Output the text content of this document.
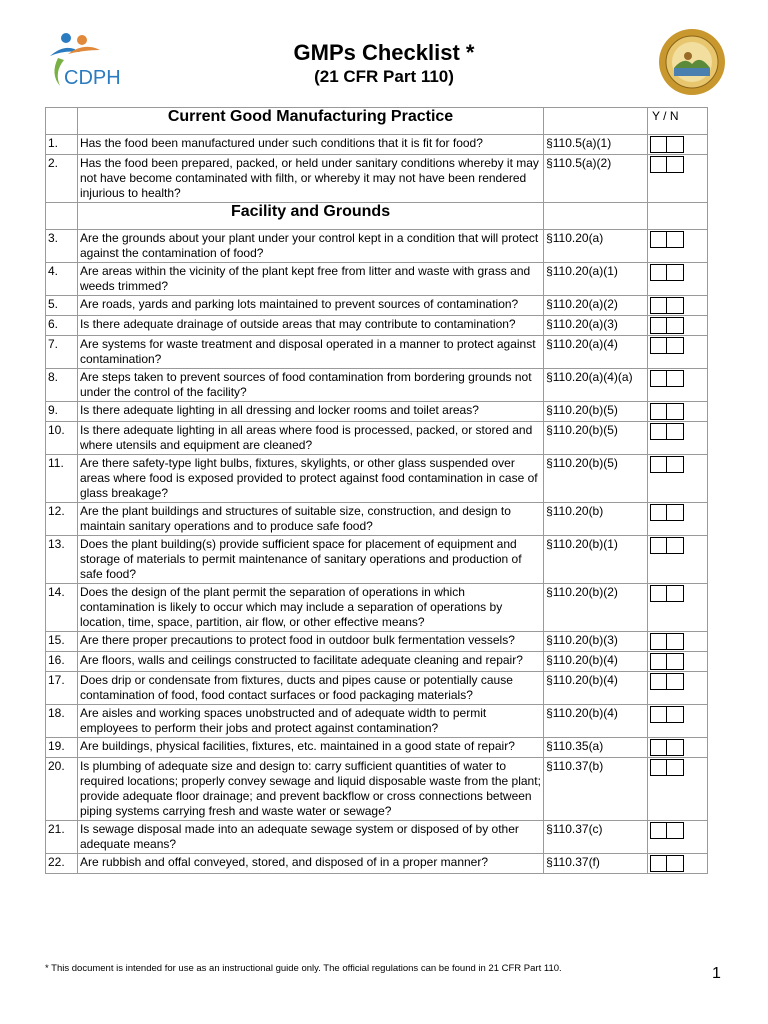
CDPH
GMPs Checklist *
(21 CFR Part 110)
	Current Good Manufacturing Practice		Y / N
1.	Has the food been manufactured under such conditions that it is fit for food?	§110.5(a)(1)	

2.	Has the food been prepared, packed, or held under sanitary conditions whereby it may not have become contaminated with filth, or whereby it may not have been rendered injurious to health?	§110.5(a)(2)	

	Facility and Grounds		
3.	Are the grounds about your plant under your control kept in a condition that will protect against the contamination of food?	§110.20(a)	

4.	Are areas within the vicinity of the plant kept free from litter and waste with grass and weeds trimmed?	§110.20(a)(1)	

5.	Are roads, yards and parking lots maintained to prevent sources of contamination?	§110.20(a)(2)	

6.	Is there adequate drainage of outside areas that may contribute to contamination?	§110.20(a)(3)	

7.	Are systems for waste treatment and disposal operated in a manner to protect against contamination?	§110.20(a)(4)	

8.	Are steps taken to prevent sources of food contamination from bordering grounds not under the control of the facility?	§110.20(a)(4)(a)	

9.	Is there adequate lighting in all dressing and locker rooms and toilet areas?	§110.20(b)(5)	

10.	Is there adequate lighting in all areas where food is processed, packed, or stored and where utensils and equipment are cleaned?	§110.20(b)(5)	

11.	Are there safety-type light bulbs, fixtures, skylights, or other glass suspended over areas where food is exposed provided to protect against food contamination in case of glass breakage?	§110.20(b)(5)	

12.	Are the plant buildings and structures of suitable size, construction, and design to maintain sanitary operations and to produce safe food?	§110.20(b)	

13.	Does the plant building(s) provide sufficient space for placement of equipment and storage of materials to permit maintenance of sanitary operations and production of safe food?	§110.20(b)(1)	

14.	Does the design of the plant permit the separation of operations in which contamination is likely to occur which may include a separation of operations by location, time, space, partition, air flow, or other effective means?	§110.20(b)(2)	

15.	Are there proper precautions to protect food in outdoor bulk fermentation vessels?	§110.20(b)(3)	

16.	Are floors, walls and ceilings constructed to facilitate adequate cleaning and repair?	§110.20(b)(4)	

17.	Does drip or condensate from fixtures, ducts and pipes cause or potentially cause contamination of food, food contact surfaces or food packaging materials?	§110.20(b)(4)	

18.	Are aisles and working spaces unobstructed and of adequate width to permit employees to perform their jobs and protect against contamination?	§110.20(b)(4)	

19.	Are buildings, physical facilities, fixtures, etc. maintained in a good state of repair?	§110.35(a)	

20.	Is plumbing of adequate size and design to: carry sufficient quantities of water to required locations; properly convey sewage and liquid disposable waste from the plant; provide adequate floor drainage; and prevent backflow or cross connections between piping systems carrying fresh and waste water or sewage?	§110.37(b)	

21.	Is sewage disposal made into an adequate sewage system or disposed of by other adequate means?	§110.37(c)	

22.	Are rubbish and offal conveyed, stored, and disposed of in a proper manner?	§110.37(f)	
* This document is intended for use as an instructional guide only. The official regulations can be found in 21 CFR Part 110.	1
